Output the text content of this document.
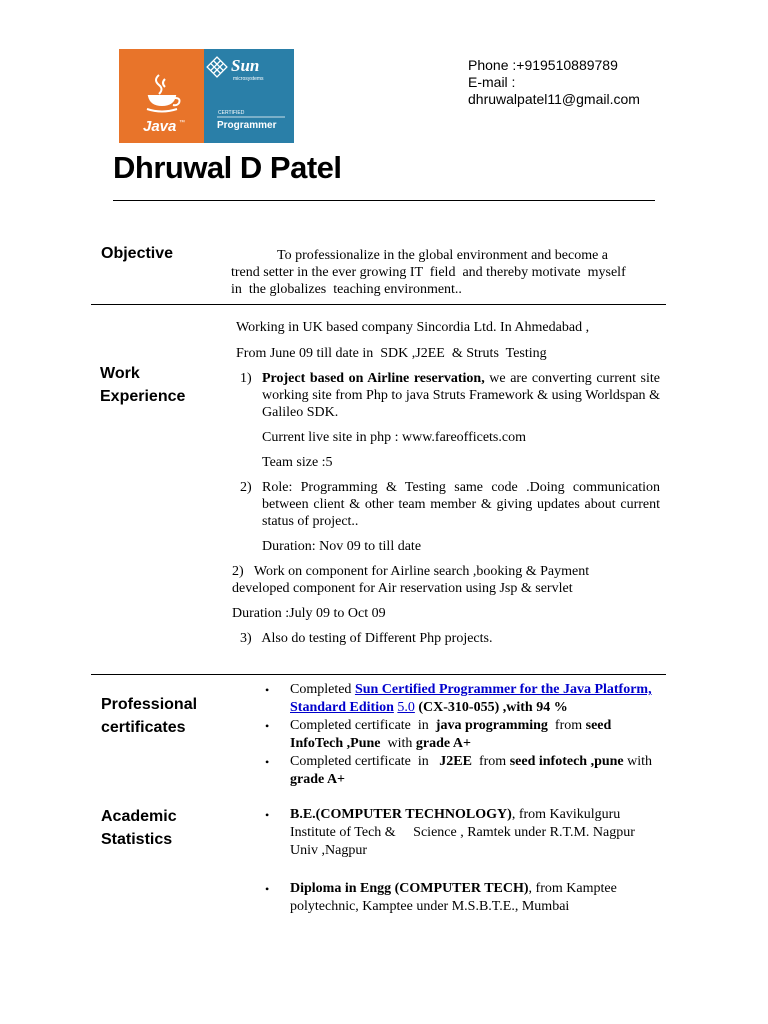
Java ™
Sun
microsystems
CERTIFIED
Programmer
Phone :+919510889789
E-mail :
dhruwalpatel11@gmail.com
Dhruwal D Patel
Objective	To professionalize in the global environment and become a
trend setter in the ever growing IT  field  and thereby motivate  myself
in  the globalizes  teaching environment..
Work
Experience
Working in UK based company Sincordia Ltd. In Ahmedabad ,
From June 09 till date in  SDK ,J2EE  & Struts  Testing
1) Project based on Airline reservation, we are converting current site working site from Php to java Struts Framework & using Worldspan & Galileo SDK.
Current live site in php : www.fareofficets.com
Team size :5
2) Role: Programming & Testing same code .Doing communication between client & other team member & giving updates about current status of project..
Duration: Nov 09 to till date
2)   Work on component for Airline search ,booking & Payment
developed component for Air reservation using Jsp & servlet
Duration :July 09 to Oct 09
3)   Also do testing of Different Php projects.
Professional
certificates
• Completed Sun Certified Programmer for the Java Platform, Standard Edition 5.0 (CX-310-055) ,with 94 %
• Completed certificate  in  java programming  from seed InfoTech ,Pune  with grade A+
• Completed certificate  in   J2EE  from seed infotech ,pune with grade A+
Academic
Statistics
• B.E.(COMPUTER TECHNOLOGY), from Kavikulguru Institute of Tech &     Science , Ramtek under R.T.M. Nagpur Univ ,Nagpur
• Diploma in Engg (COMPUTER TECH), from Kamptee polytechnic, Kamptee under M.S.B.T.E., Mumbai
